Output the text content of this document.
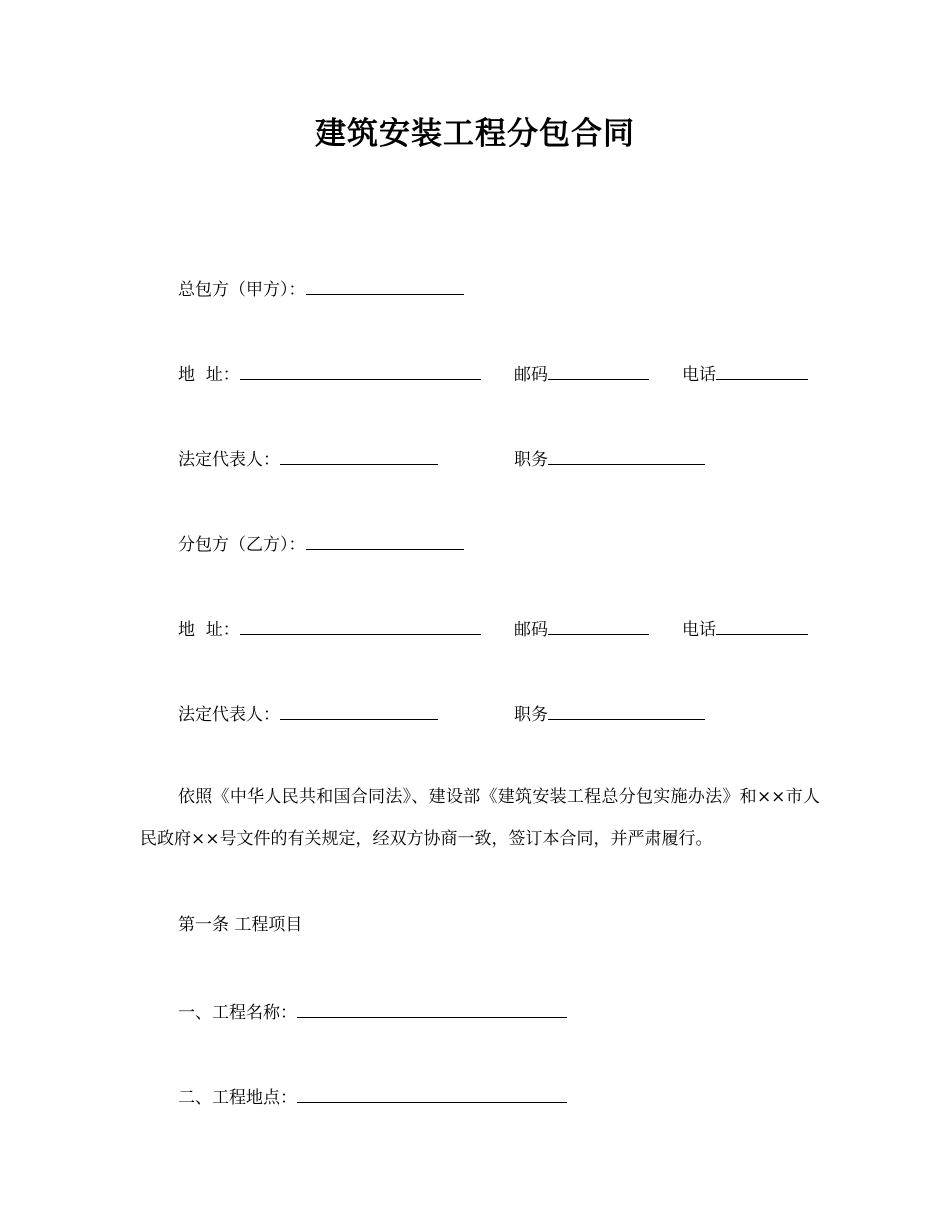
建筑安装工程分包合同
总包方（甲方）：
地  址：	邮码	电话
法定代表人：	职务
分包方（乙方）：
地  址：	邮码	电话
法定代表人：	职务
依照《中华人民共和国合同法》、建设部《建筑安装工程总分包实施办法》和××市人民政府××号文件的有关规定，经双方协商一致，签订本合同，并严肃履行。
第一条 工程项目
一、工程名称：
二、工程地点：
